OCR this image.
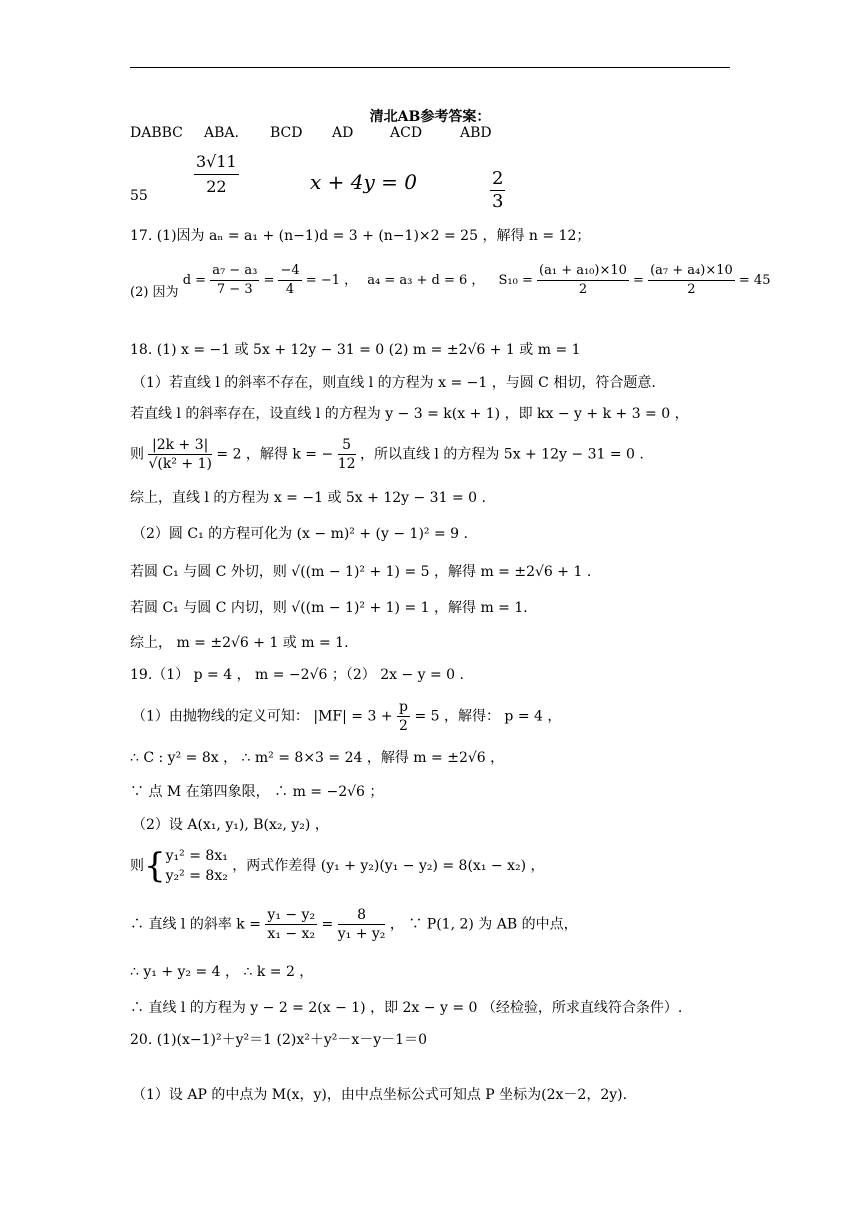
清北AB参考答案：
DABBC ABA. BCD AD	ACD	ABD
55	$\frac{3√11}{22}$	x + 4y = 0	$\frac{2}{3}$
17. (1)因为 aₙ = a₁ + (n−1)d = 3 + (n−1)×2 = 25 ，解得 n = 12；
(2) 因为 $d = \frac{\text{a₇ − a₃}}{7 - 3} = \frac{-4}{4} = -1$ ， a₄ = a₃ + d = 6 ， $S_{10} = \frac{\text{(a₁ + a₁₀)×10}}{2} = \frac{\text{(a₇ + a₄)×10}}{2} = 45$
18. (1) x = −1 或 5x + 12y − 31 = 0 (2) m = ±2√6 + 1 或 m = 1
（1）若直线 l 的斜率不存在，则直线 l 的方程为 x = −1 ，与圆 C 相切，符合题意.
若直线 l 的斜率存在，设直线 l 的方程为 y − 3 = k(x + 1) ，即 kx − y + k + 3 = 0 ，
则 $\frac{|2k + 3|}{\text{√(k² + 1)}} = 2$ ，解得 k = − $\frac{5}{12}$ ，所以直线 l 的方程为 5x + 12y − 31 = 0 .
综上，直线 l 的方程为 x = −1 或 5x + 12y − 31 = 0 .
（2）圆 C₁ 的方程可化为 (x − m)² + (y − 1)² = 9 .
若圆 C₁ 与圆 C 外切，则 √((m − 1)² + 1) = 5 ，解得 m = ±2√6 + 1 .
若圆 C₁ 与圆 C 内切，则 √((m − 1)² + 1) = 1 ，解得 m = 1.
综上， m = ±2√6 + 1 或 m = 1.
19.（1） p = 4 ， m = −2√6 ；（2） 2x − y = 0 .
（1）由抛物线的定义可知： $|MF| = 3 + \frac{p}{2} = 5$ ，解得： p = 4 ，
∴ C : y² = 8x ， ∴ m² = 8×3 = 24 ，解得 m = ±2√6 ，
∵ 点 M 在第四象限， ∴ m = −2√6 ；
（2）设 A(x₁, y₁), B(x₂, y₂) ，
则{ y₁² = 8x₁
y₂² = 8x₂
，两式作差得 (y₁ + y₂)(y₁ − y₂) = 8(x₁ − x₂) ，
∴ 直线 l 的斜率 $k = \frac{\text{y₁ − y₂}}{\text{x₁ − x₂}} = \frac{8}{\text{y₁ + y₂}}$ ， ∵ P(1, 2) 为 AB 的中点，
∴ y₁ + y₂ = 4 ， ∴ k = 2 ，
∴ 直线 l 的方程为 y − 2 = 2(x − 1) ，即 2x − y = 0 （经检验，所求直线符合条件）.
20. (1)(x−1)²＋y²＝1 (2)x²＋y²－x－y－1＝0
（1）设 AP 的中点为 M(x，y)，由中点坐标公式可知点 P 坐标为(2x－2，2y).
